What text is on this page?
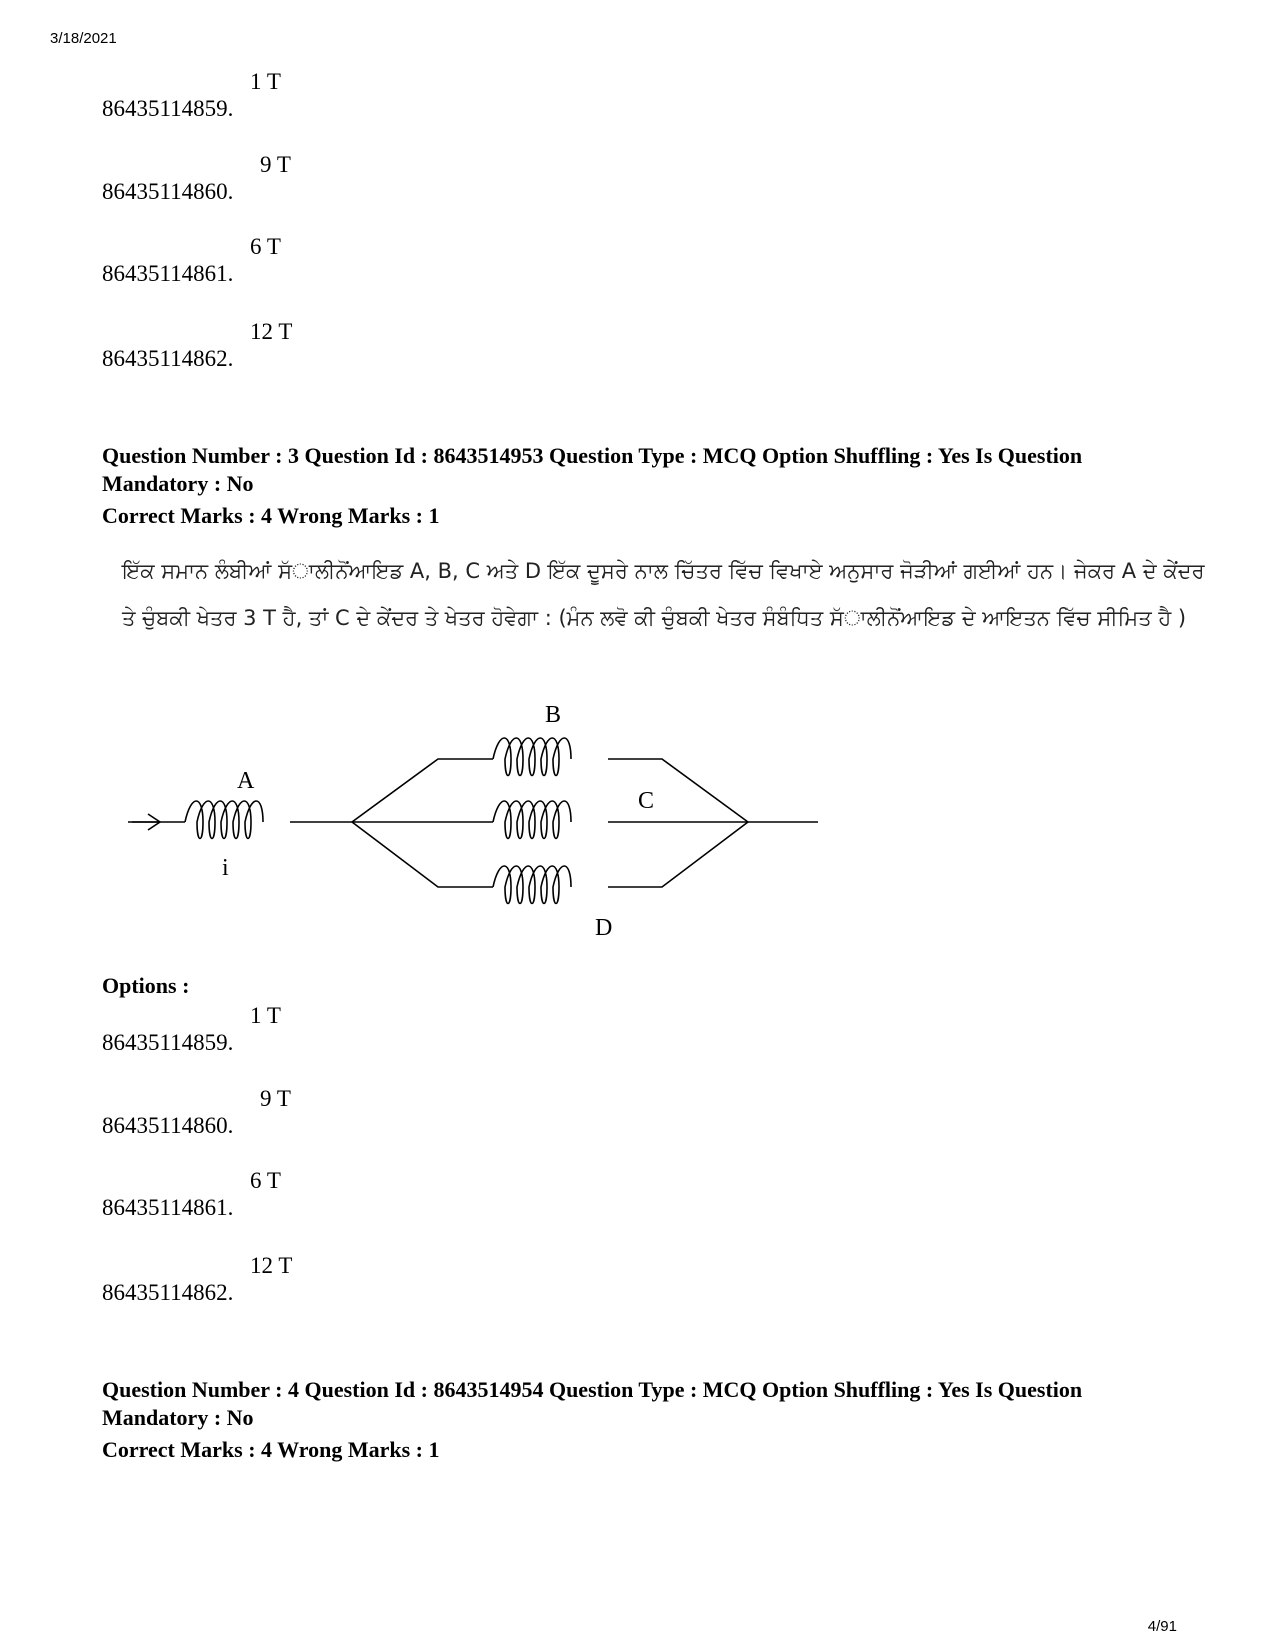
3/18/2021
86435114859.
1 T
86435114860.
9 T
86435114861.
6 T
86435114862.
12 T
Question Number : 3 Question Id : 8643514953 Question Type : MCQ Option Shuffling : Yes Is Question Mandatory : No
Correct Marks : 4 Wrong Marks : 1
ਇੱਕ ਸਮਾਨ ਲੰਬੀਆਂ ਸੱਾਲੀਨੋਂਆਇਡ A, B, C ਅਤੇ D ਇੱਕ ਦੂਸਰੇ ਨਾਲ ਚਿੱਤਰ ਵਿੱਚ ਵਿਖਾਏ ਅਨੁਸਾਰ ਜੋੜੀਆਂ ਗਈਆਂ ਹਨ। ਜੇਕਰ A ਦੇ ਕੇਂਦਰ ਤੇ ਚੁੰਬਕੀ ਖੇਤਰ 3 T ਹੈ, ਤਾਂ C ਦੇ ਕੇਂਦਰ ਤੇ ਖੇਤਰ ਹੋਵੇਗਾ : (ਮੰਨ ਲਵੋ ਕੀ ਚੁੰਬਕੀ ਖੇਤਰ ਸੰਬੰਧਿਤ ਸੱਾਲੀਨੋਂਆਇਡ ਦੇ ਆਇਤਨ ਵਿੱਚ ਸੀਮਿਤ ਹੈ )
A
B
C
D
i
Options :
86435114859.
1 T
86435114860.
9 T
86435114861.
6 T
86435114862.
12 T
Question Number : 4 Question Id : 8643514954 Question Type : MCQ Option Shuffling : Yes Is Question Mandatory : No
Correct Marks : 4 Wrong Marks : 1
4/91
